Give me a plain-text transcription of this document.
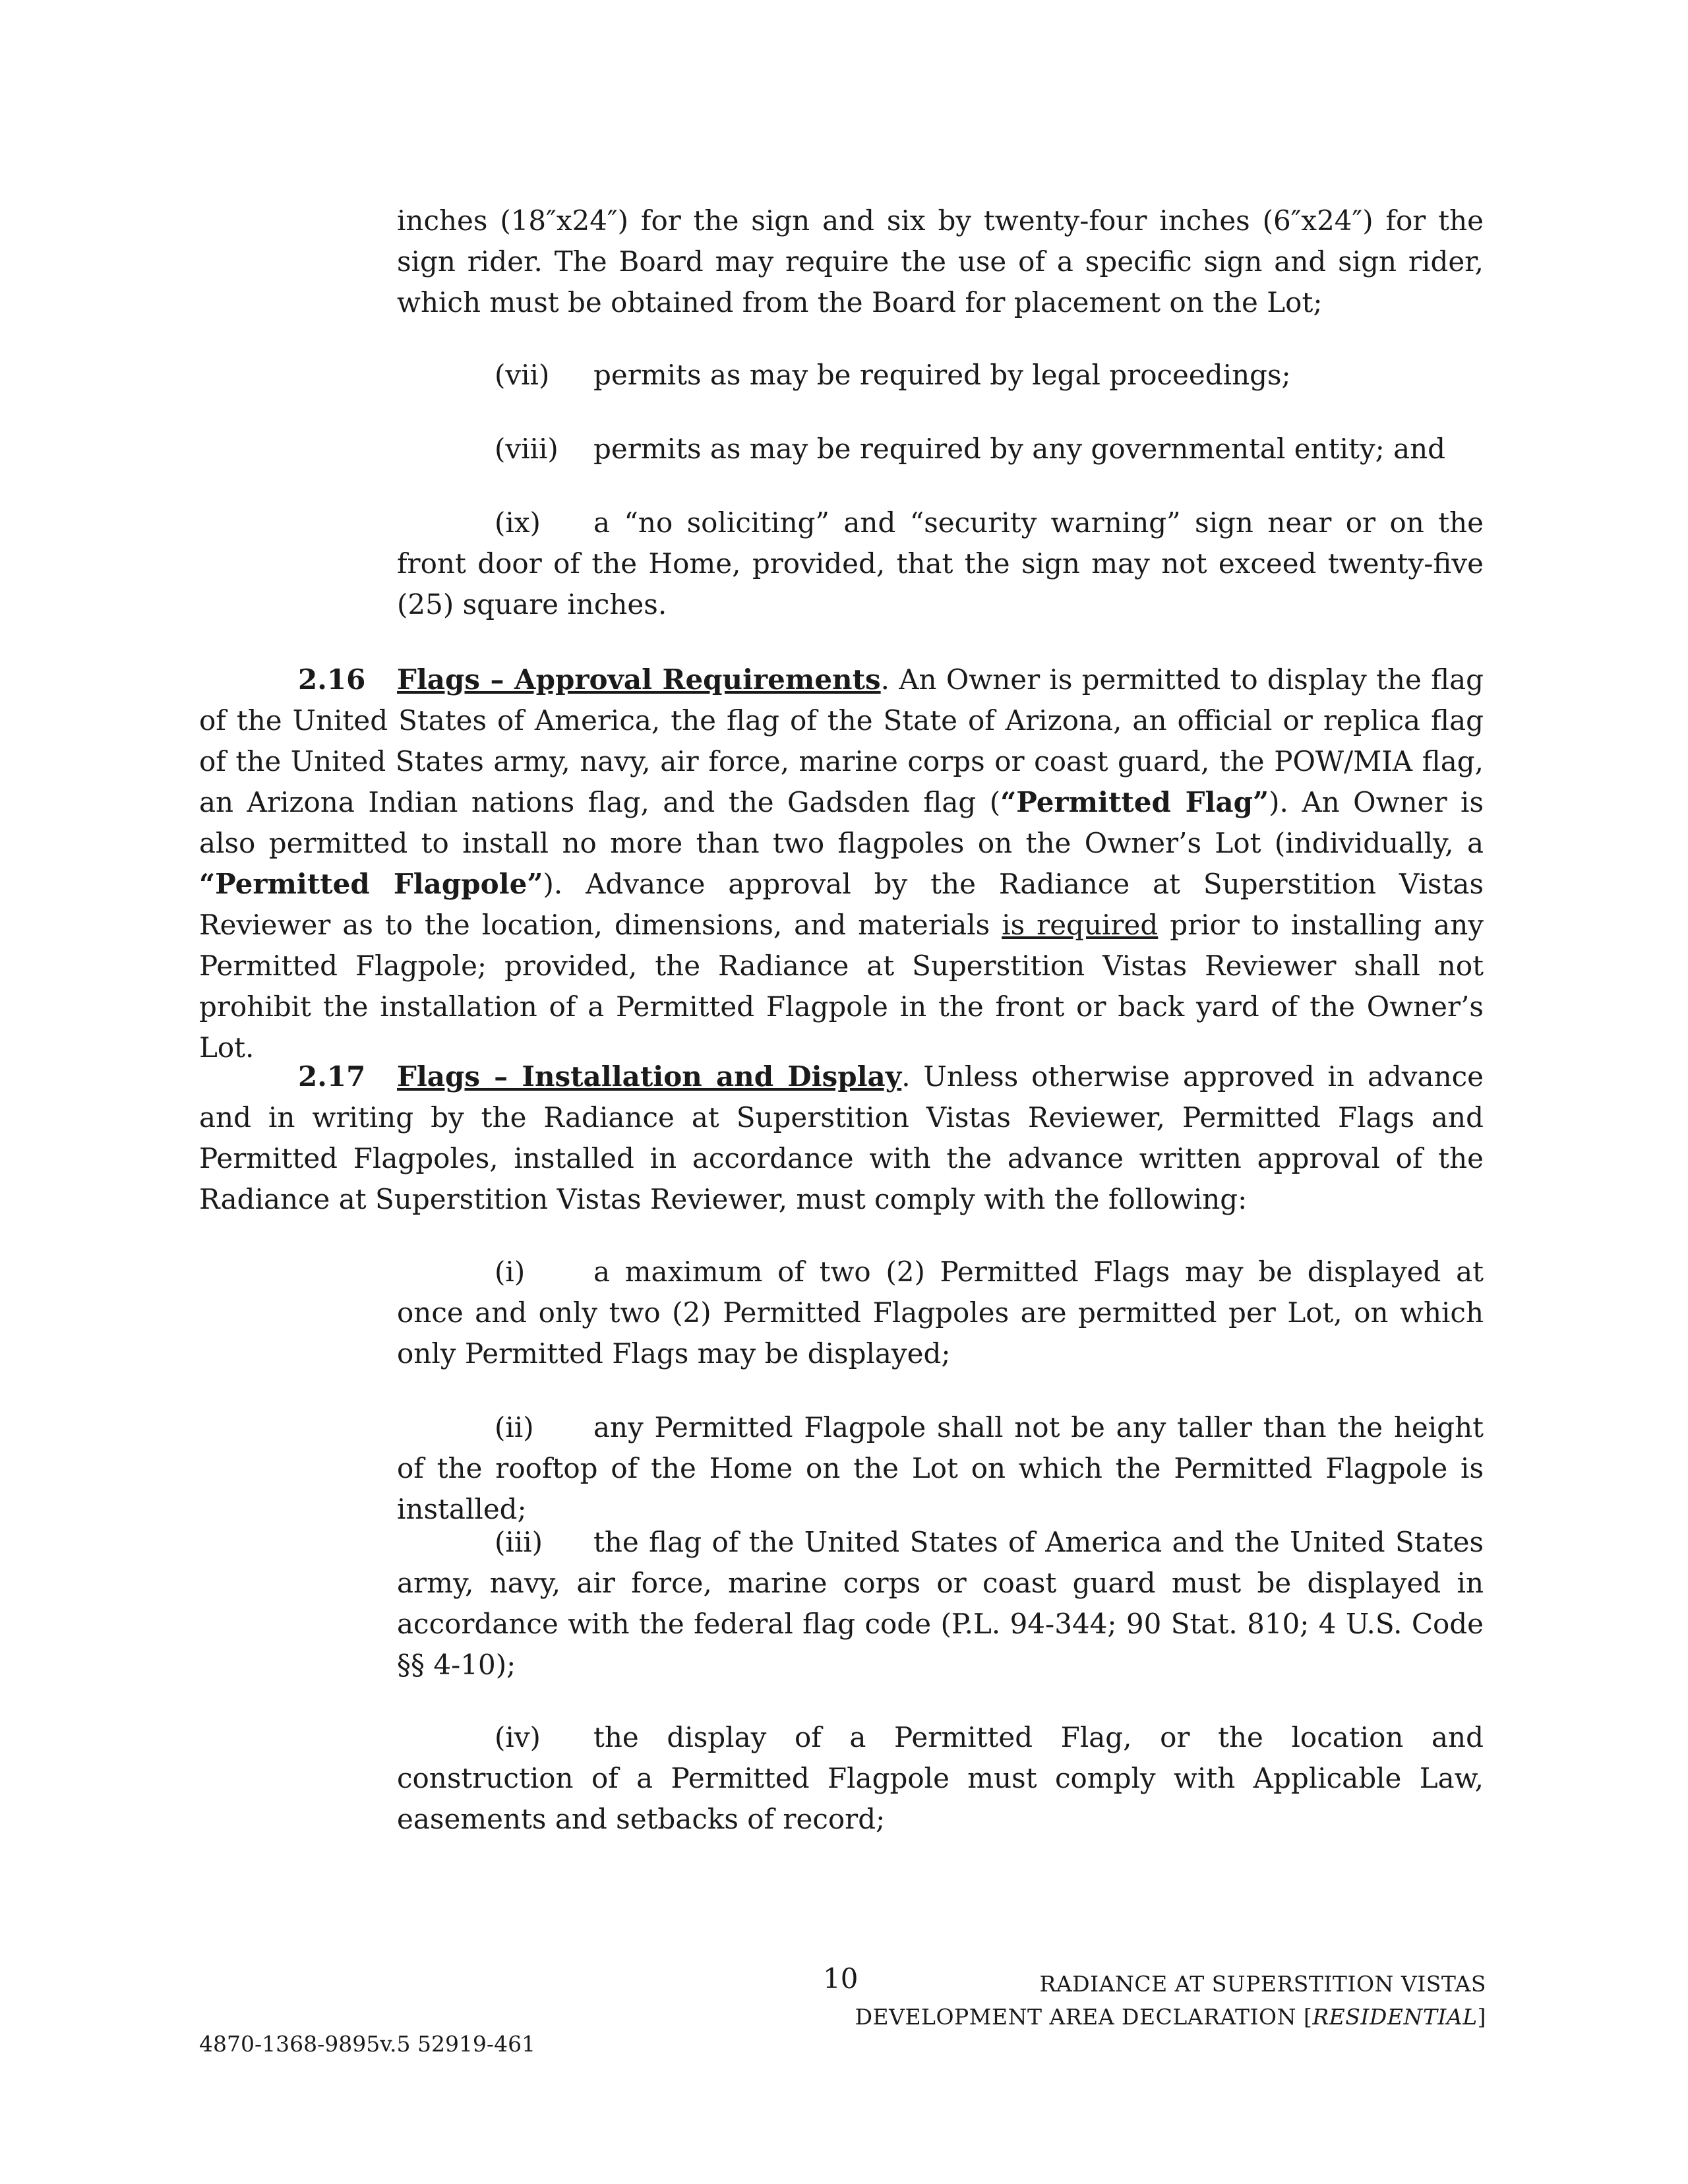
inches (18″x24″) for the sign and six by twenty-four inches (6″x24″) for the sign rider. The Board may require the use of a specific sign and sign rider, which must be obtained from the Board for placement on the Lot;

(vii) permits as may be required by legal proceedings;
(viii) permits as may be required by any governmental entity; and

(ix) a “no soliciting” and “security warning” sign near or on the front door of the Home, provided, that the sign may not exceed twenty-five (25) square inches.

2.16 Flags – Approval Requirements. An Owner is permitted to display the flag of the United States of America, the flag of the State of Arizona, an official or replica flag of the United States army, navy, air force, marine corps or coast guard, the POW/MIA flag, an Arizona Indian nations flag, and the Gadsden flag (“Permitted Flag”). An Owner is also permitted to install no more than two flagpoles on the Owner’s Lot (individually, a “Permitted Flagpole”). Advance approval by the Radiance at Superstition Vistas Reviewer as to the location, dimensions, and materials is required prior to installing any Permitted Flagpole; provided, the Radiance at Superstition Vistas Reviewer shall not prohibit the installation of a Permitted Flagpole in the front or back yard of the Owner’s Lot.

2.17 Flags – Installation and Display. Unless otherwise approved in advance and in writing by the Radiance at Superstition Vistas Reviewer, Permitted Flags and Permitted Flagpoles, installed in accordance with the advance written approval of the Radiance at Superstition Vistas Reviewer, must comply with the following:

(i) a maximum of two (2) Permitted Flags may be displayed at once and only two (2) Permitted Flagpoles are permitted per Lot, on which only Permitted Flags may be displayed;

(ii) any Permitted Flagpole shall not be any taller than the height of the rooftop of the Home on the Lot on which the Permitted Flagpole is installed;

(iii) the flag of the United States of America and the United States army, navy, air force, marine corps or coast guard must be displayed in accordance with the federal flag code (P.L. 94-344; 90 Stat. 810; 4 U.S. Code §§ 4-10);

(iv) the display of a Permitted Flag, or the location and construction of a Permitted Flagpole must comply with Applicable Law, easements and setbacks of record;

10	RADIANCE AT SUPERSTITION VISTAS
DEVELOPMENT AREA DECLARATION [RESIDENTIAL]
4870-1368-9895v.5 52919-461
